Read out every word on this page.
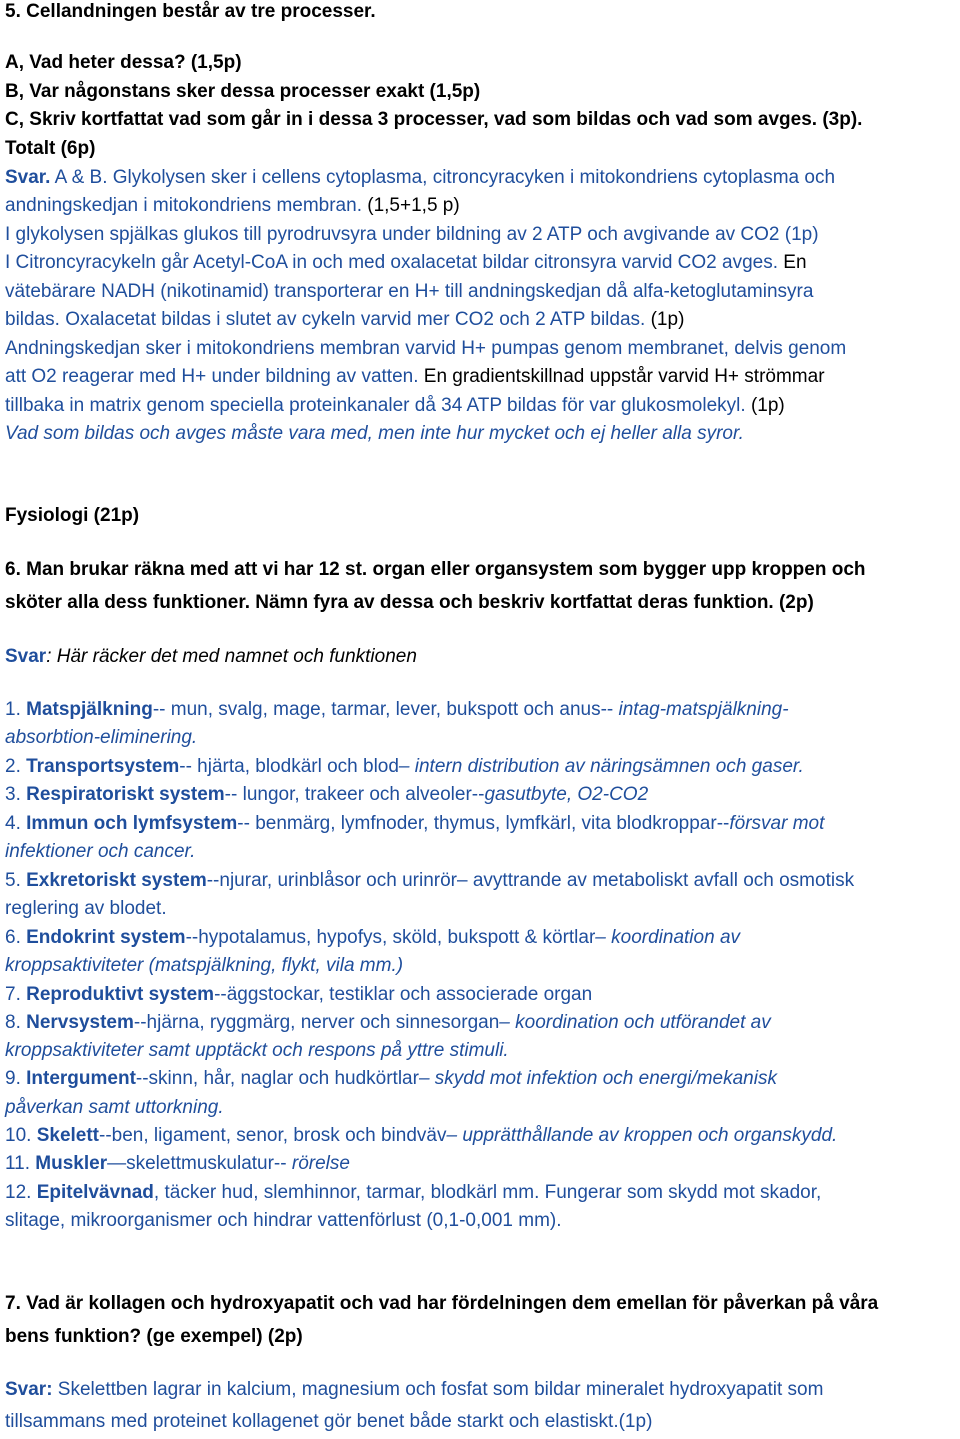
5. Cellandningen består av tre processer.
A, Vad heter dessa? (1,5p)
B, Var någonstans sker dessa processer exakt (1,5p)
C, Skriv kortfattat vad som går in i dessa 3 processer, vad som bildas och vad som avges. (3p).
Totalt (6p)
Svar. A & B. Glykolysen sker i cellens cytoplasma, citroncyracyken i mitokondriens cytoplasma och
andningskedjan i mitokondriens membran. (1,5+1,5 p)
I glykolysen spjälkas glukos till pyrodruvsyra under bildning av 2 ATP och avgivande av CO2 (1p)
I Citroncyracykeln går Acetyl-CoA in och med oxalacetat bildar citronsyra varvid CO2 avges. En
vätebärare NADH (nikotinamid) transporterar en H+ till andningskedjan då alfa-ketoglutaminsyra
bildas. Oxalacetat bildas i slutet av cykeln varvid mer CO2 och 2 ATP bildas. (1p)
Andningskedjan sker i mitokondriens membran varvid H+ pumpas genom membranet, delvis genom
att O2 reagerar med H+ under bildning av vatten. En gradientskillnad uppstår varvid H+ strömmar
tillbaka in matrix genom speciella proteinkanaler då 34 ATP bildas för var glukosmolekyl. (1p)
Vad som bildas och avges måste vara med, men inte hur mycket och ej heller alla syror.
Fysiologi (21p)
6. Man brukar räkna med att vi har 12 st. organ eller organsystem som bygger upp kroppen och
sköter alla dess funktioner. Nämn fyra av dessa och beskriv kortfattat deras funktion. (2p)
Svar: Här räcker det med namnet och funktionen
1. Matspjälkning-- mun, svalg, mage, tarmar, lever, bukspott och anus-- intag-matspjälkning-
absorbtion-eliminering.
2. Transportsystem-- hjärta, blodkärl och blod– intern distribution av näringsämnen och gaser.
3. Respiratoriskt system-- lungor, trakeer och alveoler--gasutbyte, O2-CO2
4. Immun och lymfsystem-- benmärg, lymfnoder, thymus, lymfkärl, vita blodkroppar--försvar mot
infektioner och cancer.
5. Exkretoriskt system--njurar, urinblåsor och urinrör– avyttrande av metaboliskt avfall och osmotisk
reglering av blodet.
6. Endokrint system--hypotalamus, hypofys, sköld, bukspott & körtlar– koordination av
kroppsaktiviteter (matspjälkning, flykt, vila mm.)
7. Reproduktivt system--äggstockar, testiklar och associerade organ
8. Nervsystem--hjärna, ryggmärg, nerver och sinnesorgan– koordination och utförandet av
kroppsaktiviteter samt upptäckt och respons på yttre stimuli.
9. Intergument--skinn, hår, naglar och hudkörtlar– skydd mot infektion och energi/mekanisk
påverkan samt uttorkning.
10. Skelett--ben, ligament, senor, brosk och bindväv– upprätthållande av kroppen och organskydd.
11. Muskler—skelettmuskulatur-- rörelse
12. Epitelvävnad, täcker hud, slemhinnor, tarmar, blodkärl mm. Fungerar som skydd mot skador,
slitage, mikroorganismer och hindrar vattenförlust (0,1-0,001 mm).
7. Vad är kollagen och hydroxyapatit och vad har fördelningen dem emellan för påverkan på våra
bens funktion? (ge exempel) (2p)
Svar: Skelettben lagrar in kalcium, magnesium och fosfat som bildar mineralet hydroxyapatit som
tillsammans med proteinet kollagenet gör benet både starkt och elastiskt.(1p)
